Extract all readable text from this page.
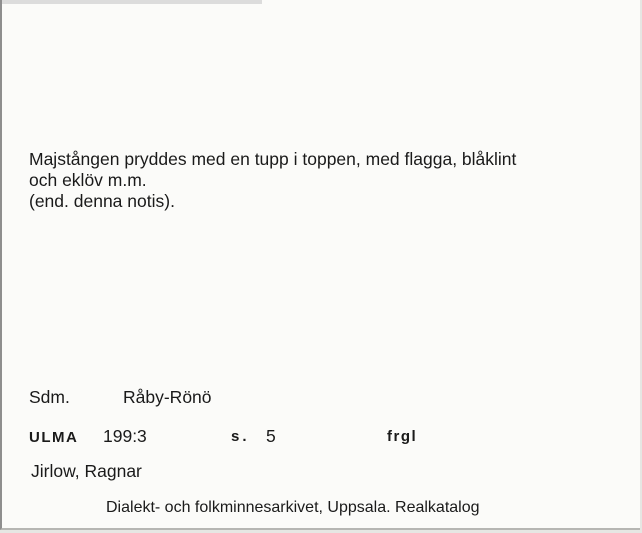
Majstången pryddes med en tupp i toppen, med flagga, blåklint
och eklöv m.m.
(end. denna notis).

Sdm.	Råby-Rönö
ULMA 199:3	s. 5	frgl
Jirlow, Ragnar
Dialekt- och folkminnesarkivet, Uppsala. Realkatalog
